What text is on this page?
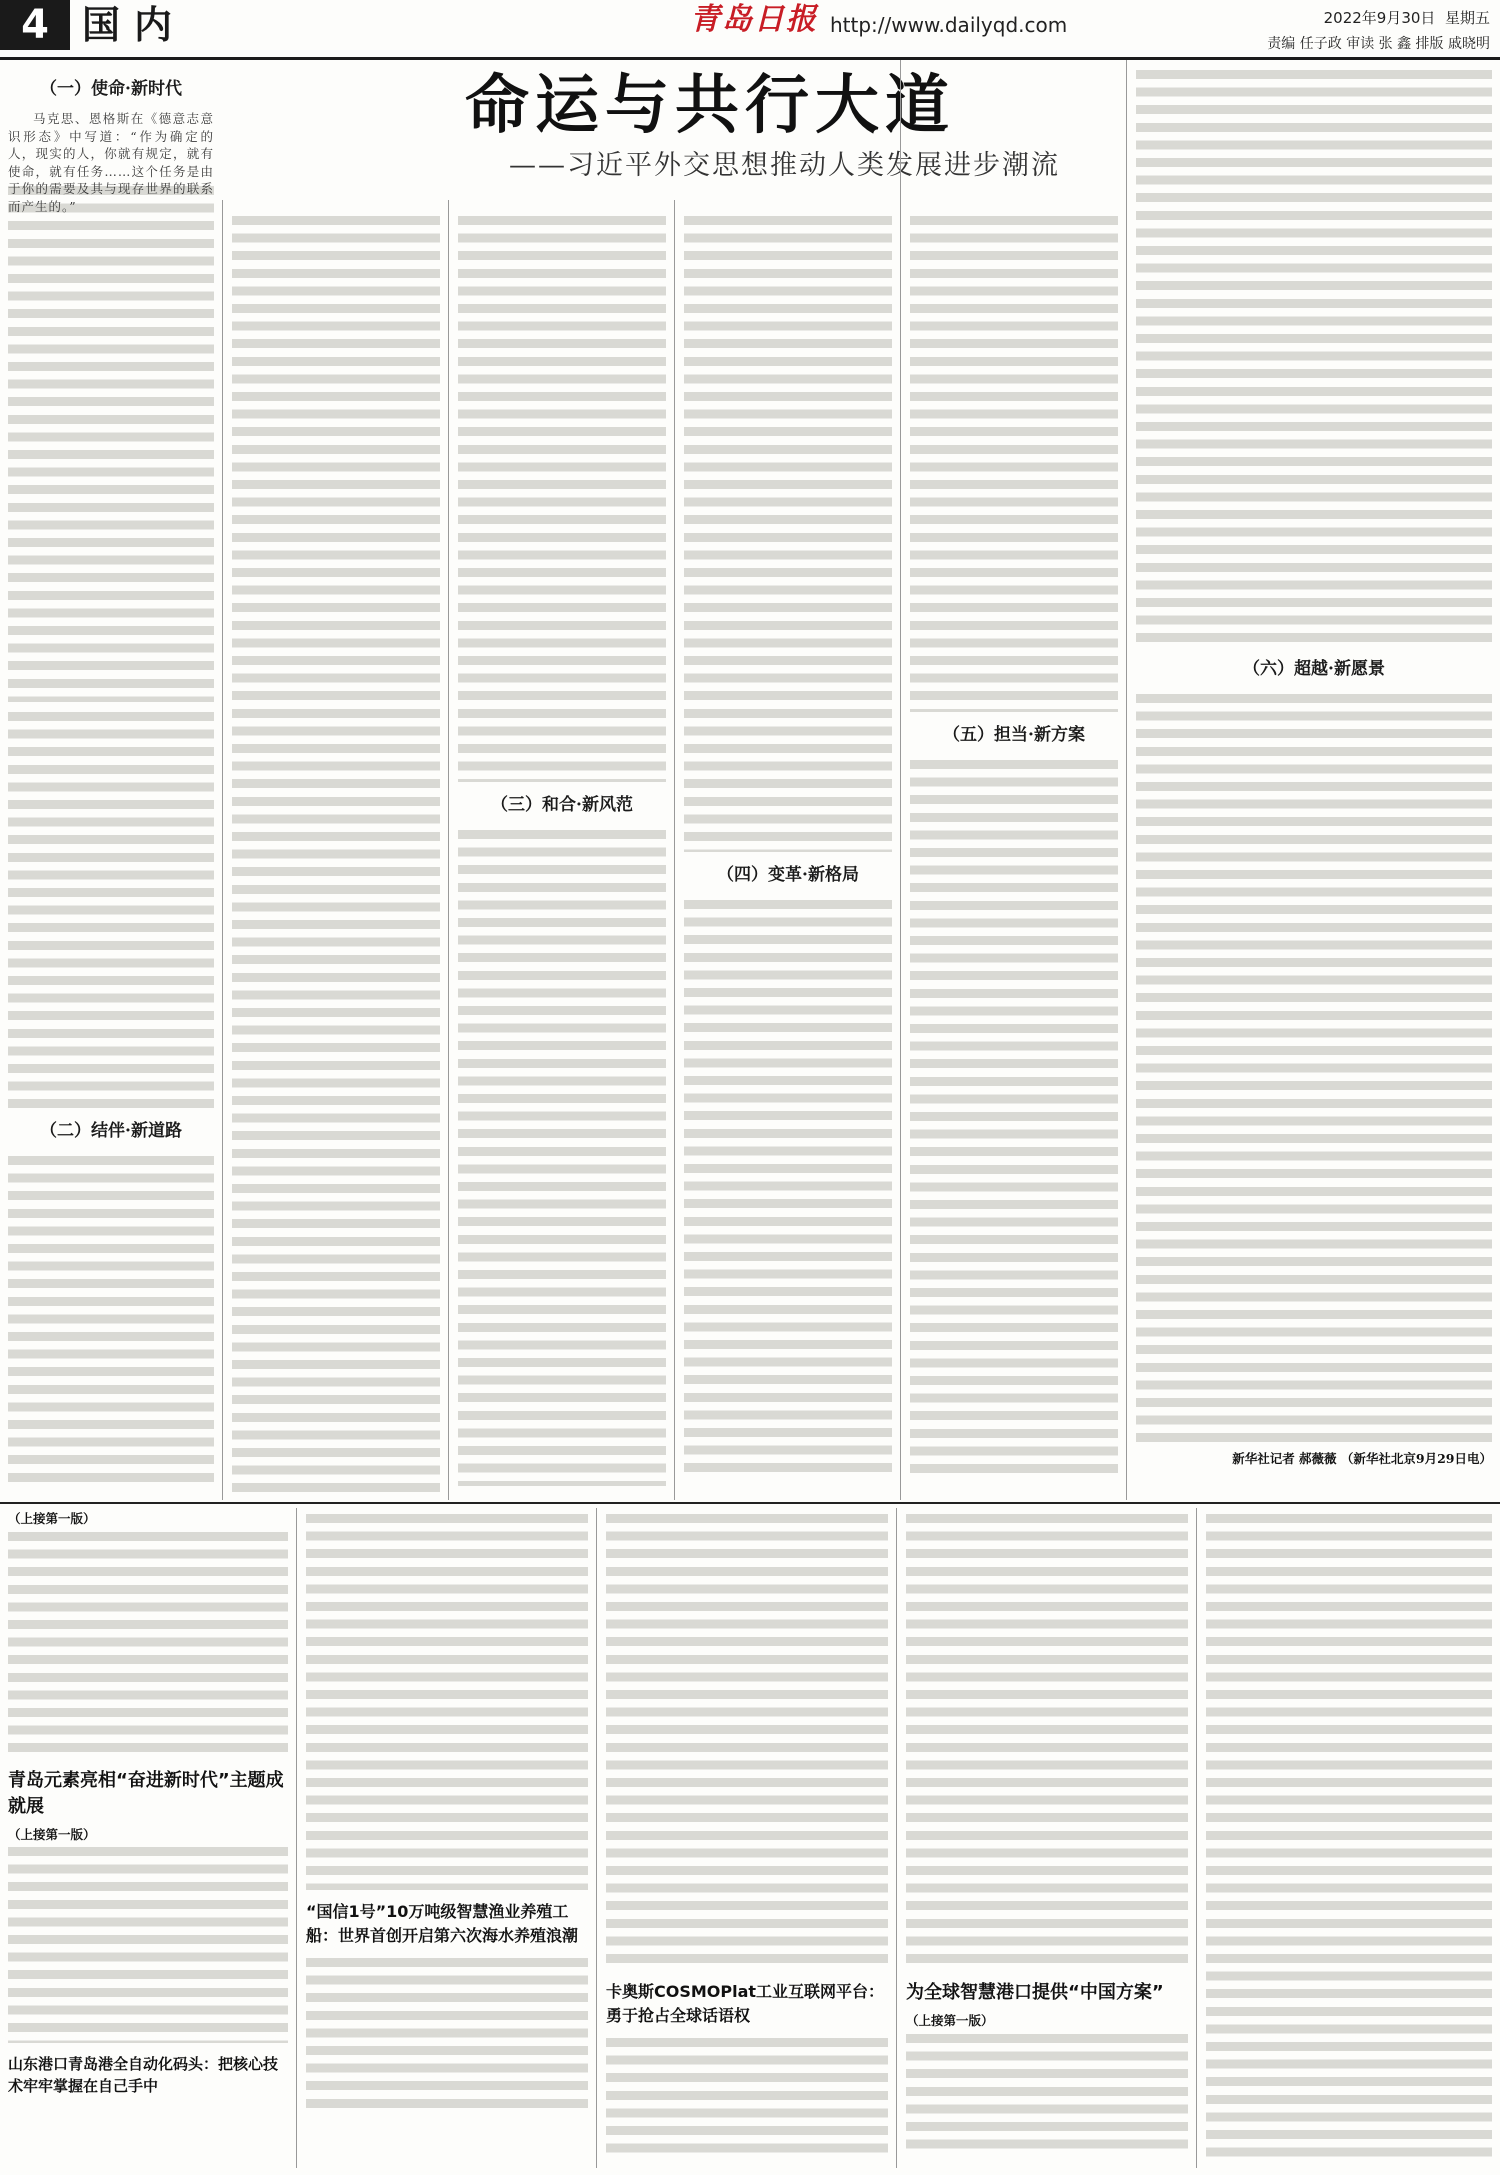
4 国内	青岛日报 http://www.dailyqd.com	2022年9月30日 星期五
责编 任子政 审读 张 鑫 排版 戚晓明
命运与共行大道
——习近平外交思想推动人类发展进步潮流
（一）使命·新时代

马克思、恩格斯在《德意志意识形态》中写道：“作为确定的人，现实的人，你就有规定，就有使命，就有任务……这个任务是由于你的需要及其与现存世界的联系而产生的。”

（二）结伴·新道路
（三）和合·新风范
（四）变革·新格局
（五）担当·新方案
（六）超越·新愿景
新华社记者 郝薇薇 （新华社北京9月29日电）
（上接第一版）
青岛元素亮相“奋进新时代”主题成就展
（上接第一版）
山东港口青岛港全自动化码头：把核心技术牢牢掌握在自己手中
“国信1号”10万吨级智慧渔业养殖工船：世界首创开启第六次海水养殖浪潮
卡奥斯COSMOPlat工业互联网平台：勇于抢占全球话语权
为全球智慧港口提供“中国方案”
（上接第一版）
